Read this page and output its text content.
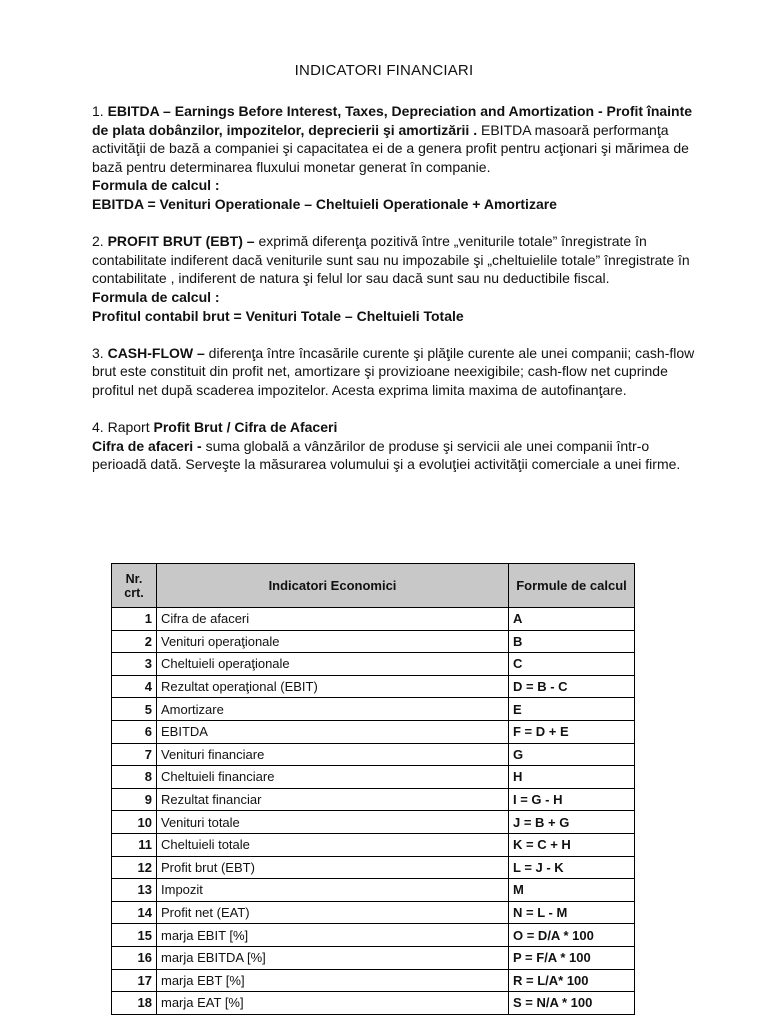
INDICATORI FINANCIARI

1. EBITDA – Earnings Before Interest, Taxes, Depreciation and Amortization - Profit înainte de plata dobânzilor, impozitelor, deprecierii şi amortizării . EBITDA masoară performanţa activităţii de bază a companiei şi capacitatea ei de a genera profit pentru acţionari şi mărimea de bază pentru determinarea fluxului monetar generat în companie.

Formula de calcul :

EBITDA = Venituri Operationale – Cheltuieli Operationale + Amortizare

2. PROFIT BRUT (EBT) – exprimă diferenţa pozitivă între „veniturile totale” înregistrate în contabilitate indiferent dacă veniturile sunt sau nu impozabile şi „cheltuielile totale” înregistrate în contabilitate , indiferent de natura şi felul lor sau dacă sunt sau nu deductibile fiscal.

Formula de calcul :

Profitul contabil brut = Venituri Totale – Cheltuieli Totale

3. CASH-FLOW – diferenţa între încasările curente şi plăţile curente ale unei companii; cash-flow brut este constituit din profit net, amortizare şi provizioane neexigibile; cash-flow net cuprinde profitul net după scaderea impozitelor. Acesta exprima limita maxima de autofinanţare.

4. Raport Profit Brut / Cifra de Afaceri

Cifra de afaceri - suma globală a vânzărilor de produse şi servicii ale unei companii într-o perioadă dată. Serveşte la măsurarea volumului şi a evoluţiei activităţii comerciale a unei firme.

Nr. crt.	Indicatori Economici	Formule de calcul
1	Cifra de afaceri	A
2	Venituri operaţionale	B
3	Cheltuieli operaţionale	C
4	Rezultat operaţional (EBIT)	D = B - C
5	Amortizare	E
6	EBITDA	F = D + E
7	Venituri financiare	G
8	Cheltuieli financiare	H
9	Rezultat financiar	I = G - H
10	Venituri totale	J = B + G
11	Cheltuieli totale	K = C + H
12	Profit brut (EBT)	L = J - K
13	Impozit	M
14	Profit net (EAT)	N = L - M
15	marja EBIT [%]	O = D/A * 100
16	marja EBITDA [%]	P = F/A * 100
17	marja EBT [%]	R = L/A* 100
18	marja EAT [%]	S = N/A * 100
